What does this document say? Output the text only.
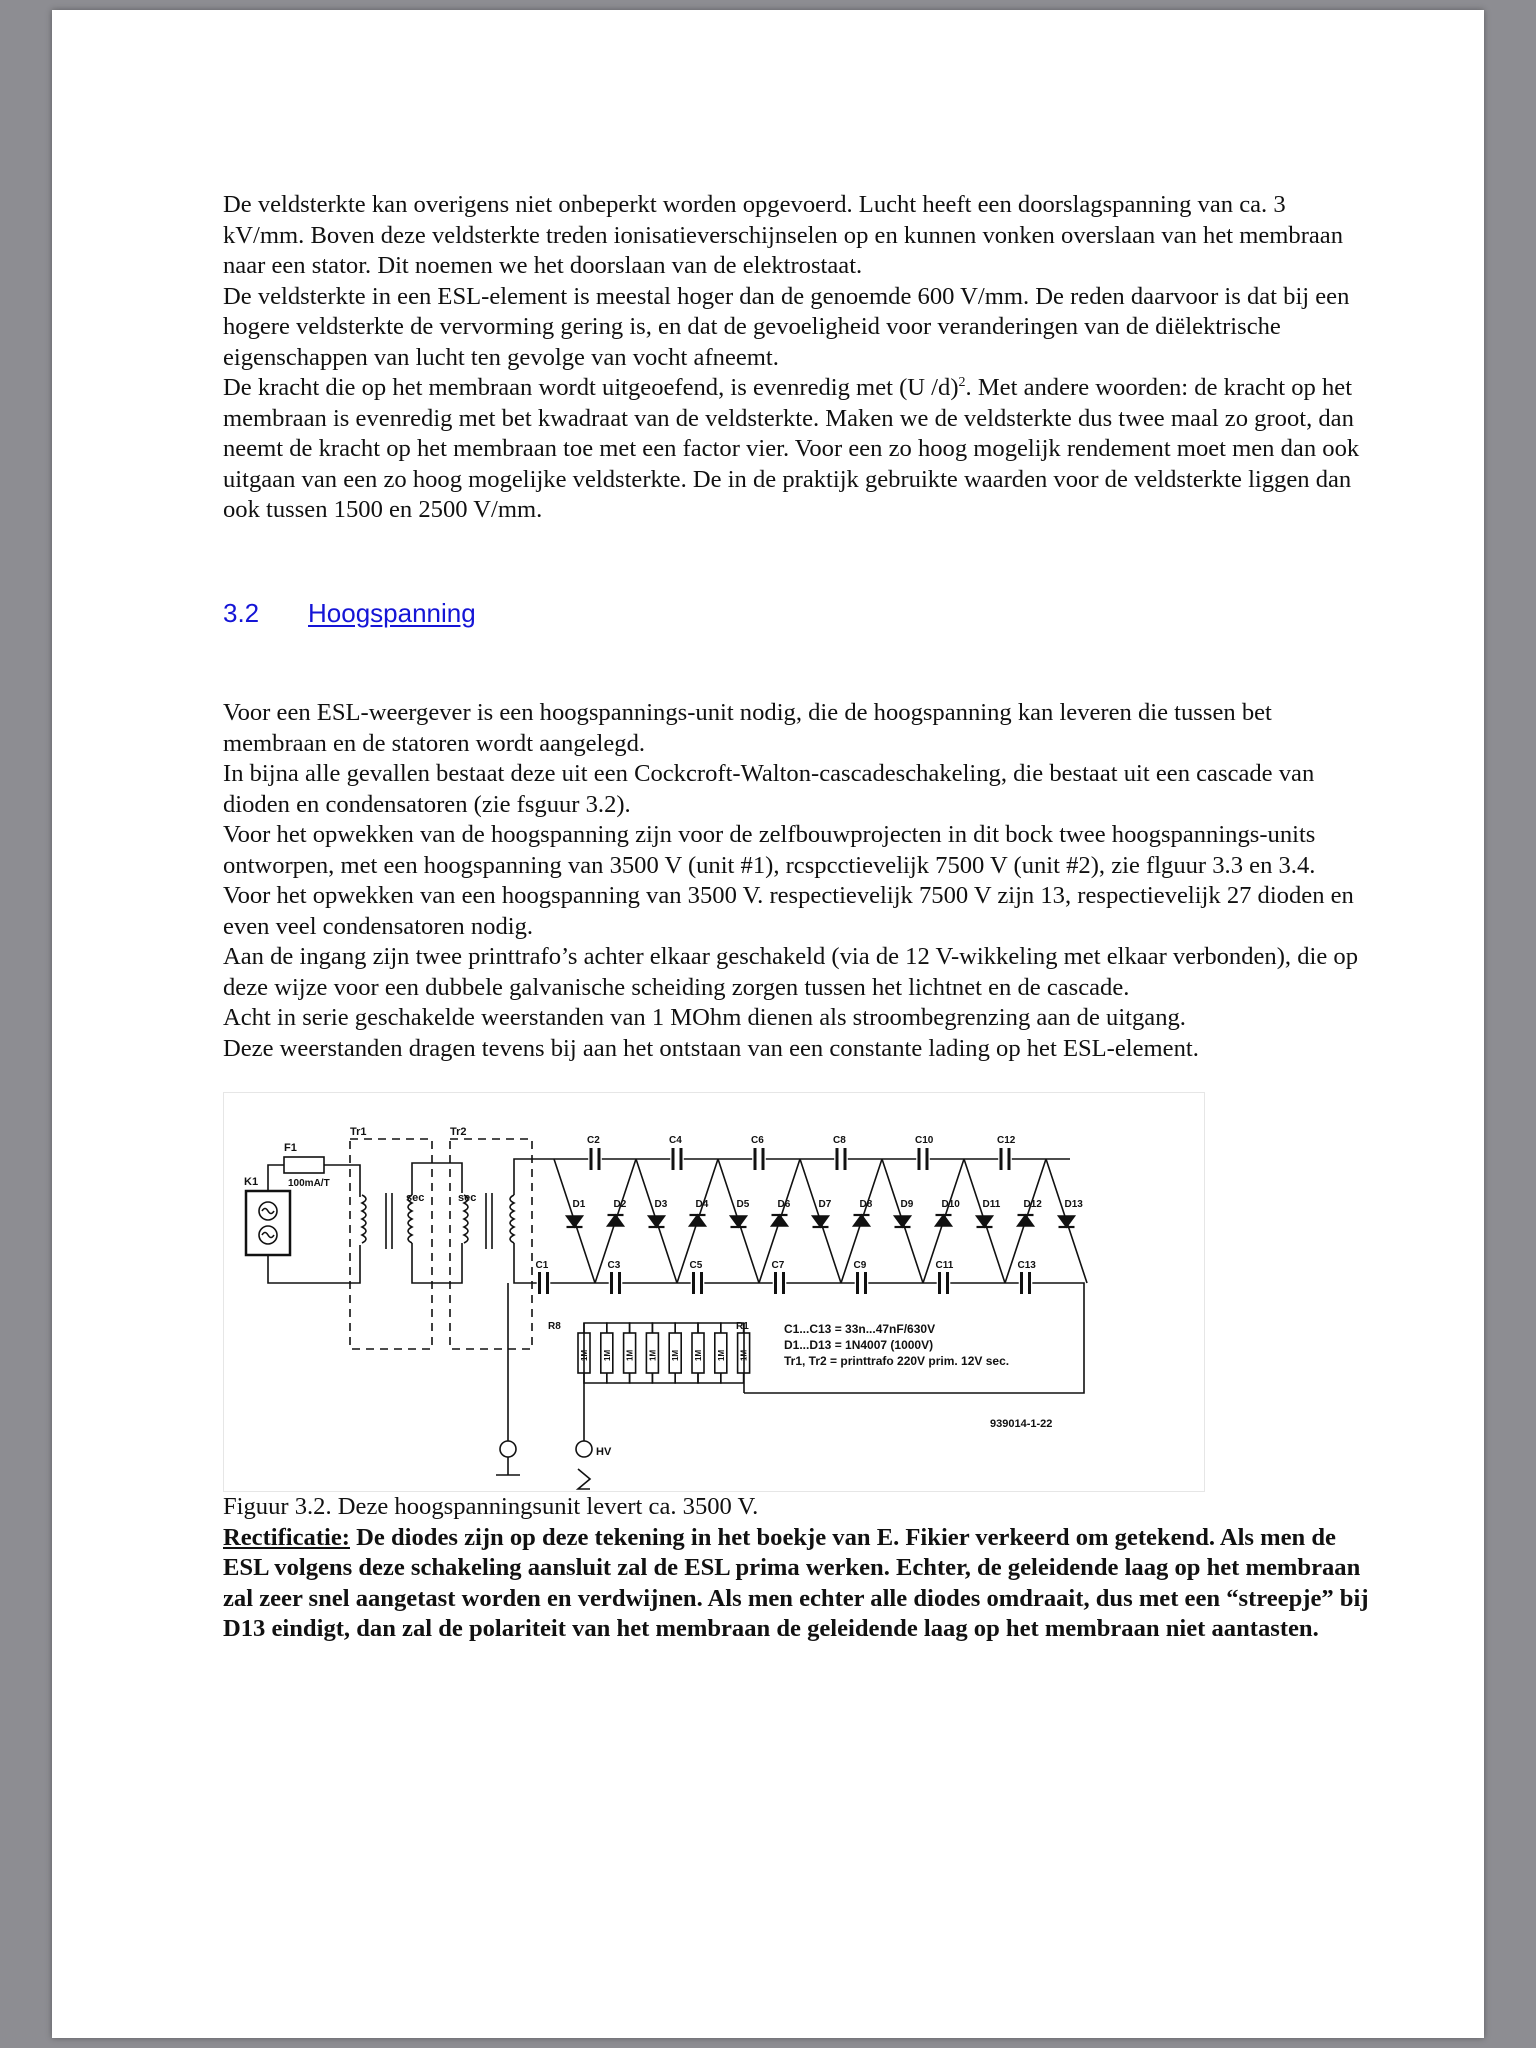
De veldsterkte kan overigens niet onbeperkt worden opgevoerd. Lucht heeft een doorslagspanning van ca. 3 kV/mm. Boven deze veldsterkte treden ionisatieverschijnselen op en kunnen vonken overslaan van het membraan naar een stator. Dit noemen we het doorslaan van de elektrostaat.

De veldsterkte in een ESL-element is meestal hoger dan de genoemde 600 V/mm. De reden daarvoor is dat bij een hogere veldsterkte de vervorming gering is, en dat de gevoeligheid voor veranderingen van de diëlektrische eigenschappen van lucht ten gevolge van vocht afneemt.

De kracht die op het membraan wordt uitgeoefend, is evenredig met (U /d)$^2$. Met andere woorden: de kracht op het membraan is evenredig met bet kwadraat van de veldsterkte. Maken we de veldsterkte dus twee maal zo groot, dan neemt de kracht op het membraan toe met een factor vier. Voor een zo hoog mogelijk rendement moet men dan ook uitgaan van een zo hoog mogelijke veldsterkte. De in de praktijk gebruikte waarden voor de veldsterkte liggen dan ook tussen 1500 en 2500 V/mm.

3.2 Hoogspanning

Voor een ESL-weergever is een hoogspannings-unit nodig, die de hoogspanning kan leveren die tussen bet membraan en de statoren wordt aangelegd.

In bijna alle gevallen bestaat deze uit een Cockcroft-Walton-cascadeschakeling, die bestaat uit een cascade van dioden en condensatoren (zie fsguur 3.2).

Voor het opwekken van de hoogspanning zijn voor de zelfbouwprojecten in dit bock twee hoogspannings-units ontworpen, met een hoogspanning van 3500 V (unit #1), rcspcctievelijk 7500 V (unit #2), zie flguur 3.3 en 3.4.

Voor het opwekken van een hoogspanning van 3500 V. respectievelijk 7500 V zijn 13, respectievelijk 27 dioden en even veel condensatoren nodig.

Aan de ingang zijn twee printtrafo’s achter elkaar geschakeld (via de 12 V-wikkeling met elkaar verbonden), die op deze wijze voor een dubbele galvanische scheiding zorgen tussen het lichtnet en de cascade.

Acht in serie geschakelde weerstanden van 1 MOhm dienen als stroombegrenzing aan de uitgang.

Deze weerstanden dragen tevens bij aan het ontstaan van een constante lading op het ESL-element.

K1
F1
100mA/T
Tr1
sec
Tr2
sec
HV
1M 1M 1M 1M 1M 1M 1M 1M
R8	R1
D1	D2	D3	D4	D5	D6	D7	D8	D9	D10 D11 D12 D13
C2	C4	C6	C8	C10	C12
C1	C3	C5	C7	C9	C11	C13
C1...C13 = 33n...47nF/630V
D1...D13 = 1N4007 (1000V)
Tr1, Tr2 = printtrafo 220V prim. 12V sec.
939014-1-22

Figuur 3.2. Deze hoogspanningsunit levert ca. 3500 V.

Rectificatie: De diodes zijn op deze tekening in het boekje van E. Fikier verkeerd om getekend. Als men de ESL volgens deze schakeling aansluit zal de ESL prima werken. Echter, de geleidende laag op het membraan zal zeer snel aangetast worden en verdwijnen. Als men echter alle diodes omdraait, dus met een “streepje” bij D13 eindigt, dan zal de polariteit van het membraan de geleidende laag op het membraan niet aantasten.
